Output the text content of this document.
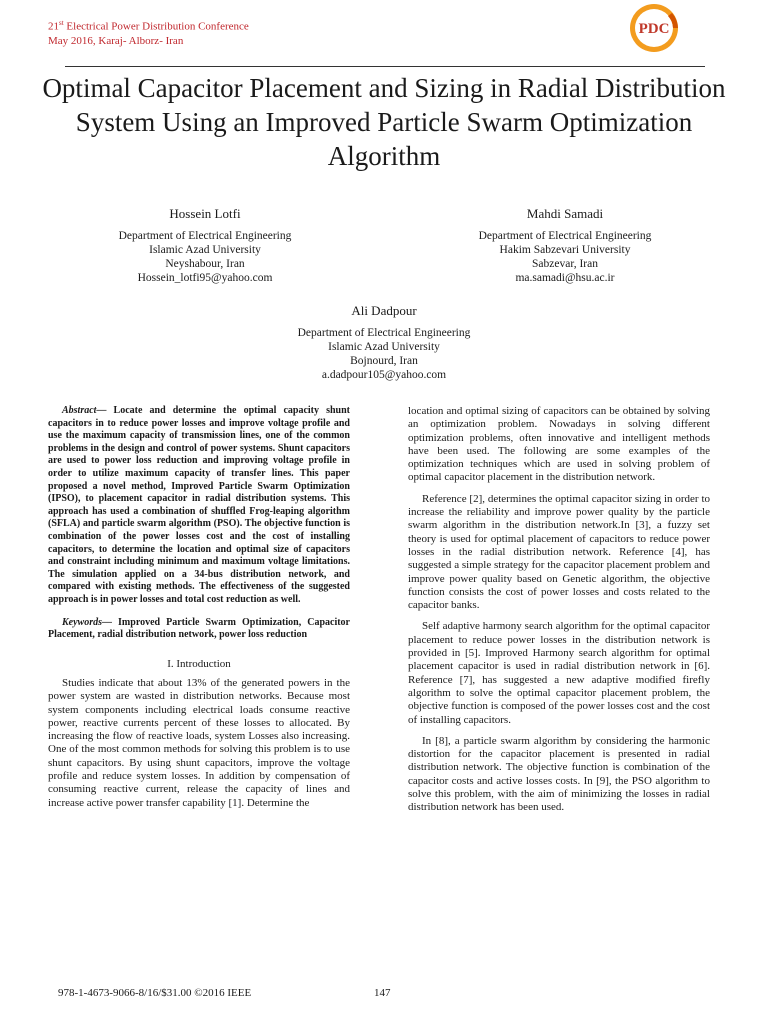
21st Electrical Power Distribution Conference
May 2016, Karaj- Alborz- Iran
PDC
Optimal Capacitor Placement and Sizing in Radial Distribution System Using an Improved Particle Swarm Optimization Algorithm
Hossein Lotfi
Department of Electrical Engineering
Islamic Azad University
Neyshabour, Iran
Hossein_lotfi95@yahoo.com
Mahdi Samadi
Department of Electrical Engineering
Hakim Sabzevari University
Sabzevar, Iran
ma.samadi@hsu.ac.ir
Ali Dadpour
Department of Electrical Engineering
Islamic Azad University
Bojnourd, Iran
a.dadpour105@yahoo.com
Abstract— Locate and determine the optimal capacity shunt capacitors in to reduce power losses and improve voltage profile and use the maximum capacity of transmission lines, one of the common problems in the design and control of power systems. Shunt capacitors are used to power loss reduction and improving voltage profile in order to utilize maximum capacity of transfer lines. This paper proposed a novel method, Improved Particle Swarm Optimization (IPSO), to placement capacitor in radial distribution systems. This approach has used a combination of shuffled Frog-leaping algorithm (SFLA) and particle swarm algorithm (PSO). The objective function is combination of the power losses cost and the cost of installing capacitors, to determine the location and optimal size of capacitors and constraint including minimum and maximum voltage limitations. The simulation applied on a 34-bus distribution network, and compared with existing methods. The effectiveness of the suggested approach is in power losses and total cost reduction as well.
Keywords— Improved Particle Swarm Optimization, Capacitor Placement, radial distribution network, power loss reduction
I. Introduction

Studies indicate that about 13% of the generated powers in the power system are wasted in distribution networks. Because most system components including electrical loads consume reactive power, reactive currents percent of these losses to allocated. By increasing the flow of reactive loads, system Losses also increasing. One of the most common methods for solving this problem is to use shunt capacitors. By using shunt capacitors, improve the voltage profile and reduce system losses. In addition by compensation of consuming reactive current, release the capacity of lines and increase active power transfer capability [1]. Determine the

location and optimal sizing of capacitors can be obtained by solving an optimization problem. Nowadays in solving different optimization problems, often innovative and intelligent methods have been used. The following are some examples of the optimization techniques which are used in solving problem of optimal capacitor placement in the distribution network.

Reference [2], determines the optimal capacitor sizing in order to increase the reliability and improve power quality by the particle swarm algorithm in the distribution network.In [3], a fuzzy set theory is used for optimal placement of capacitors to reduce power losses in the radial distribution network. Reference [4], has suggested a simple strategy for the capacitor placement problem and improve power quality based on Genetic algorithm, the objective function consists the cost of power losses and costs related to the capacitor banks.

Self adaptive harmony search algorithm for the optimal capacitor placement to reduce power losses in the distribution network is provided in [5]. Improved Harmony search algorithm for optimal placement capacitor is used in radial distribution network in [6]. Reference [7], has suggested a new adaptive modified firefly algorithm to solve the optimal capacitor placement problem, the objective function is composed of the power losses cost and the cost of installing capacitors.

In [8], a particle swarm algorithm by considering the harmonic distortion for the capacitor placement is presented in radial distribution network. The objective function is combination of the capacitor costs and active losses costs. In [9], the PSO algorithm to solve this problem, with the aim of minimizing the losses in radial distribution network has been used.

978-1-4673-9066-8/16/$31.00 ©2016 IEEE	147
